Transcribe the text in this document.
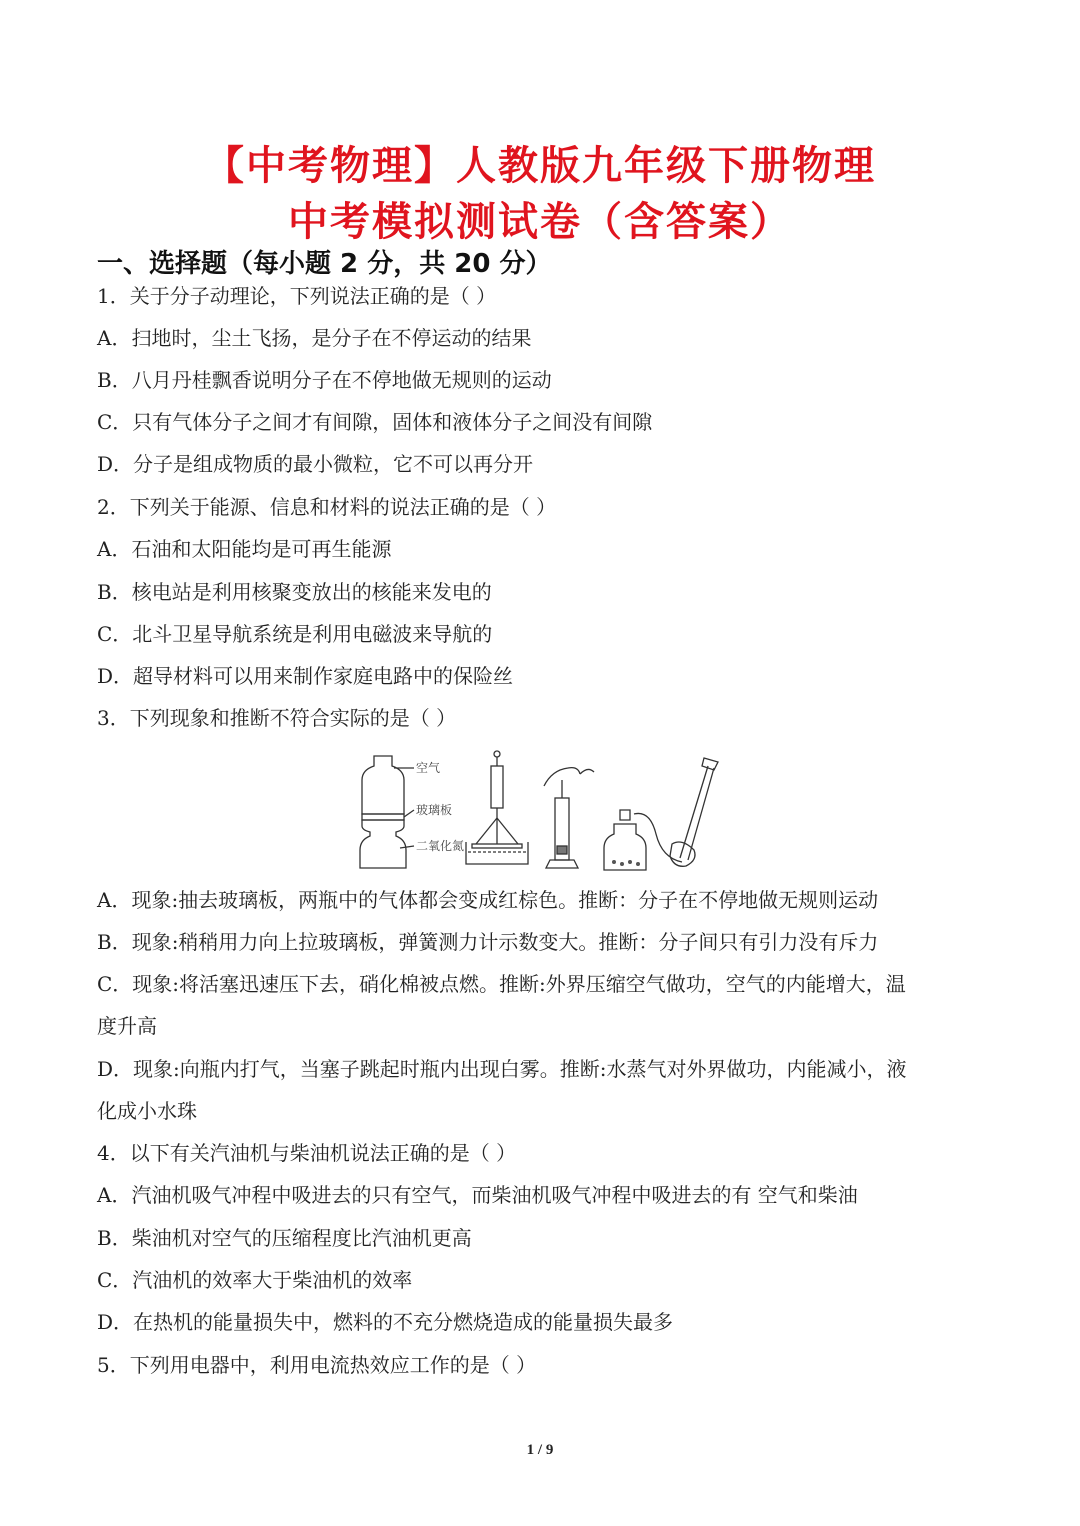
【中考物理】人教版九年级下册物理
中考模拟测试卷（含答案）
一、选择题（每小题 2 分，共 20 分）
1．关于分子动理论，下列说法正确的是（ ）
A．扫地时，尘土飞扬，是分子在不停运动的结果
B．八月丹桂飘香说明分子在不停地做无规则的运动
C．只有气体分子之间才有间隙，固体和液体分子之间没有间隙
D．分子是组成物质的最小微粒，它不可以再分开
2．下列关于能源、信息和材料的说法正确的是（ ）
A．石油和太阳能均是可再生能源
B．核电站是利用核聚变放出的核能来发电的
C．北斗卫星导航系统是利用电磁波来导航的
D．超导材料可以用来制作家庭电路中的保险丝
3．下列现象和推断不符合实际的是（ ）
空气
玻璃板
二氧化氮
A．现象:抽去玻璃板，两瓶中的气体都会变成红棕色。推断：分子在不停地做无规则运动
B．现象:稍稍用力向上拉玻璃板，弹簧测力计示数变大。推断：分子间只有引力没有斥力
C．现象:将活塞迅速压下去，硝化棉被点燃。推断:外界压缩空气做功，空气的内能增大，温
度升高
D．现象:向瓶内打气，当塞子跳起时瓶内出现白雾。推断:水蒸气对外界做功，内能减小，液
化成小水珠
4．以下有关汽油机与柴油机说法正确的是（ ）
A．汽油机吸气冲程中吸进去的只有空气，而柴油机吸气冲程中吸进去的有 空气和柴油
B．柴油机对空气的压缩程度比汽油机更高
C．汽油机的效率大于柴油机的效率
D．在热机的能量损失中，燃料的不充分燃烧造成的能量损失最多
5．下列用电器中，利用电流热效应工作的是（ ）
1 / 9
